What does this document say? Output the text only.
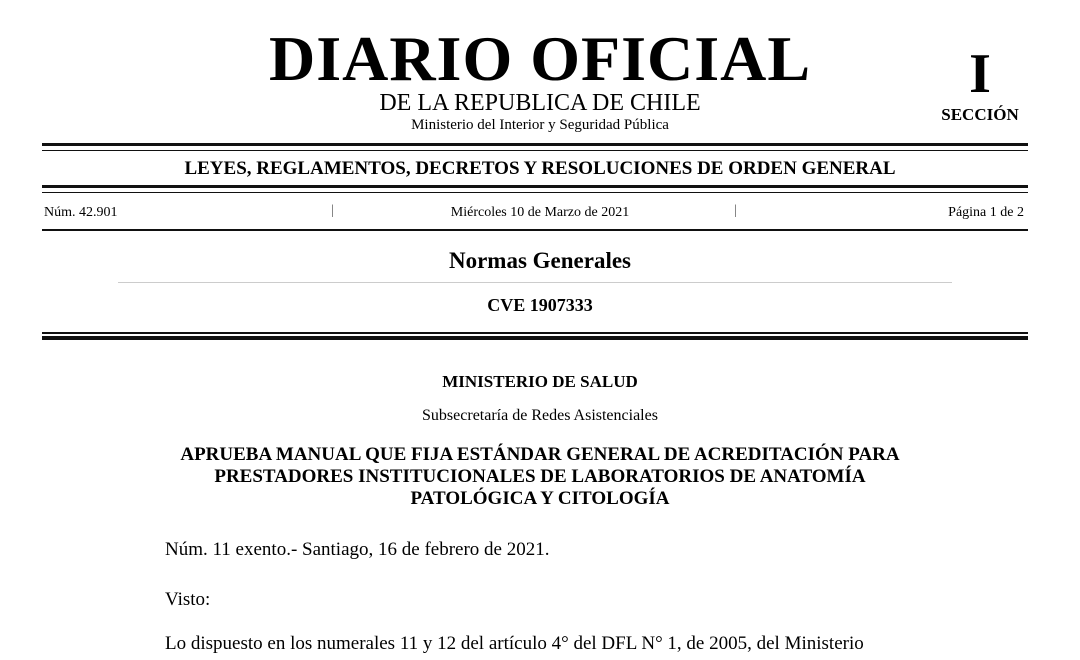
DIARIO OFICIAL
DE LA REPUBLICA DE CHILE
Ministerio del Interior y Seguridad Pública
I
SECCIÓN
LEYES, REGLAMENTOS, DECRETOS Y RESOLUCIONES DE ORDEN GENERAL
Núm. 42.901	|	Miércoles 10 de Marzo de 2021	|	Página 1 de 2
Normas Generales
CVE 1907333
MINISTERIO DE SALUD
Subsecretaría de Redes Asistenciales
APRUEBA MANUAL QUE FIJA ESTÁNDAR GENERAL DE ACREDITACIÓN PARA
PRESTADORES INSTITUCIONALES DE LABORATORIOS DE ANATOMÍA
PATOLÓGICA Y CITOLOGÍA
Núm. 11 exento.- Santiago, 16 de febrero de 2021.
Visto:
Lo dispuesto en los numerales 11 y 12 del artículo 4° del DFL N° 1, de 2005, del Ministerio
